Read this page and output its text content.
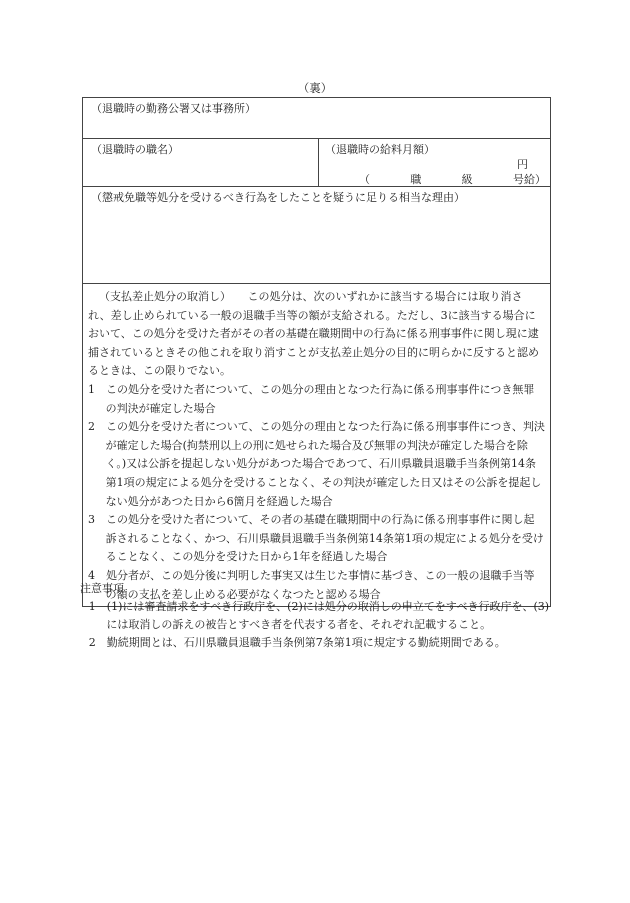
（裏）
（退職時の勤務公署又は事務所）
（退職時の職名）	（退職時の給料月額）
円
（	職	級	号給）
（懲戒免職等処分を受けるべき行為をしたことを疑うに足りる相当な理由）

（支払差止処分の取消し）　　この処分は、次のいずれかに該当する場合には取り消され、差し止められている一般の退職手当等の額が支給される。ただし、3に該当する場合において、この処分を受けた者がその者の基礎在職期間中の行為に係る刑事事件に関し現に逮捕されているときその他これを取り消すことが支払差止処分の目的に明らかに反すると認めるときは、この限りでない。

1　この処分を受けた者について、この処分の理由となつた行為に係る刑事事件につき無罪の判決が確定した場合

2　この処分を受けた者について、この処分の理由となつた行為に係る刑事事件につき、判決が確定した場合(拘禁刑以上の刑に処せられた場合及び無罪の判決が確定した場合を除く。)又は公訴を提起しない処分があつた場合であつて、石川県職員退職手当条例第14条第1項の規定による処分を受けることなく、その判決が確定した日又はその公訴を提起しない処分があつた日から6箇月を経過した場合

3　この処分を受けた者について、その者の基礎在職期間中の行為に係る刑事事件に関し起訴されることなく、かつ、石川県職員退職手当条例第14条第1項の規定による処分を受けることなく、この処分を受けた日から1年を経過した場合

4　処分者が、この処分後に判明した事実又は生じた事情に基づき、この一般の退職手当等の額の支払を差し止める必要がなくなつたと認める場合

注意事項

1　(1)には審査請求をすべき行政庁を、(2)には処分の取消しの申立てをすべき行政庁を、(3)には取消しの訴えの被告とすべき者を代表する者を、それぞれ記載すること。

2　勤続期間とは、石川県職員退職手当条例第7条第1項に規定する勤続期間である。
